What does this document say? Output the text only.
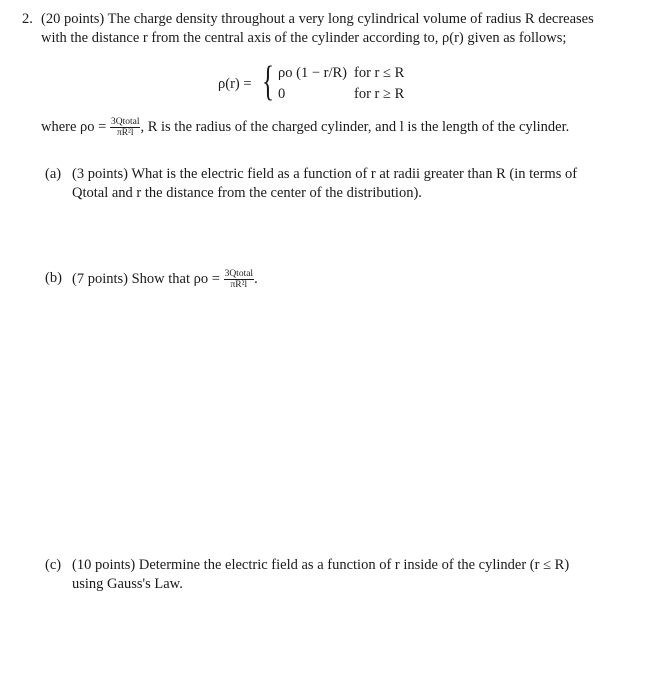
2. (20 points) The charge density throughout a very long cylindrical volume of radius R decreases with the distance r from the central axis of the cylinder according to, ρ(r) given as follows;
ρ(r) = { ρo (1 − r/R) for r ≤ R
0	for r ≥ R
where $\rho o = \frac{\text{3Qtotal}}{\text{πR²l}}$ , R is the radius of the charged cylinder, and l is the length of the cylinder.
(a) (3 points) What is the electric field as a function of r at radii greater than R (in terms of Qtotal and r the distance from the center of the distribution).
(b) (7 points) Show that $\rho o = \frac{\text{3Qtotal}}{\text{πR²l}}$ .
(c) (10 points) Determine the electric field as a function of r inside of the cylinder (r ≤ R) using Gauss's Law.
